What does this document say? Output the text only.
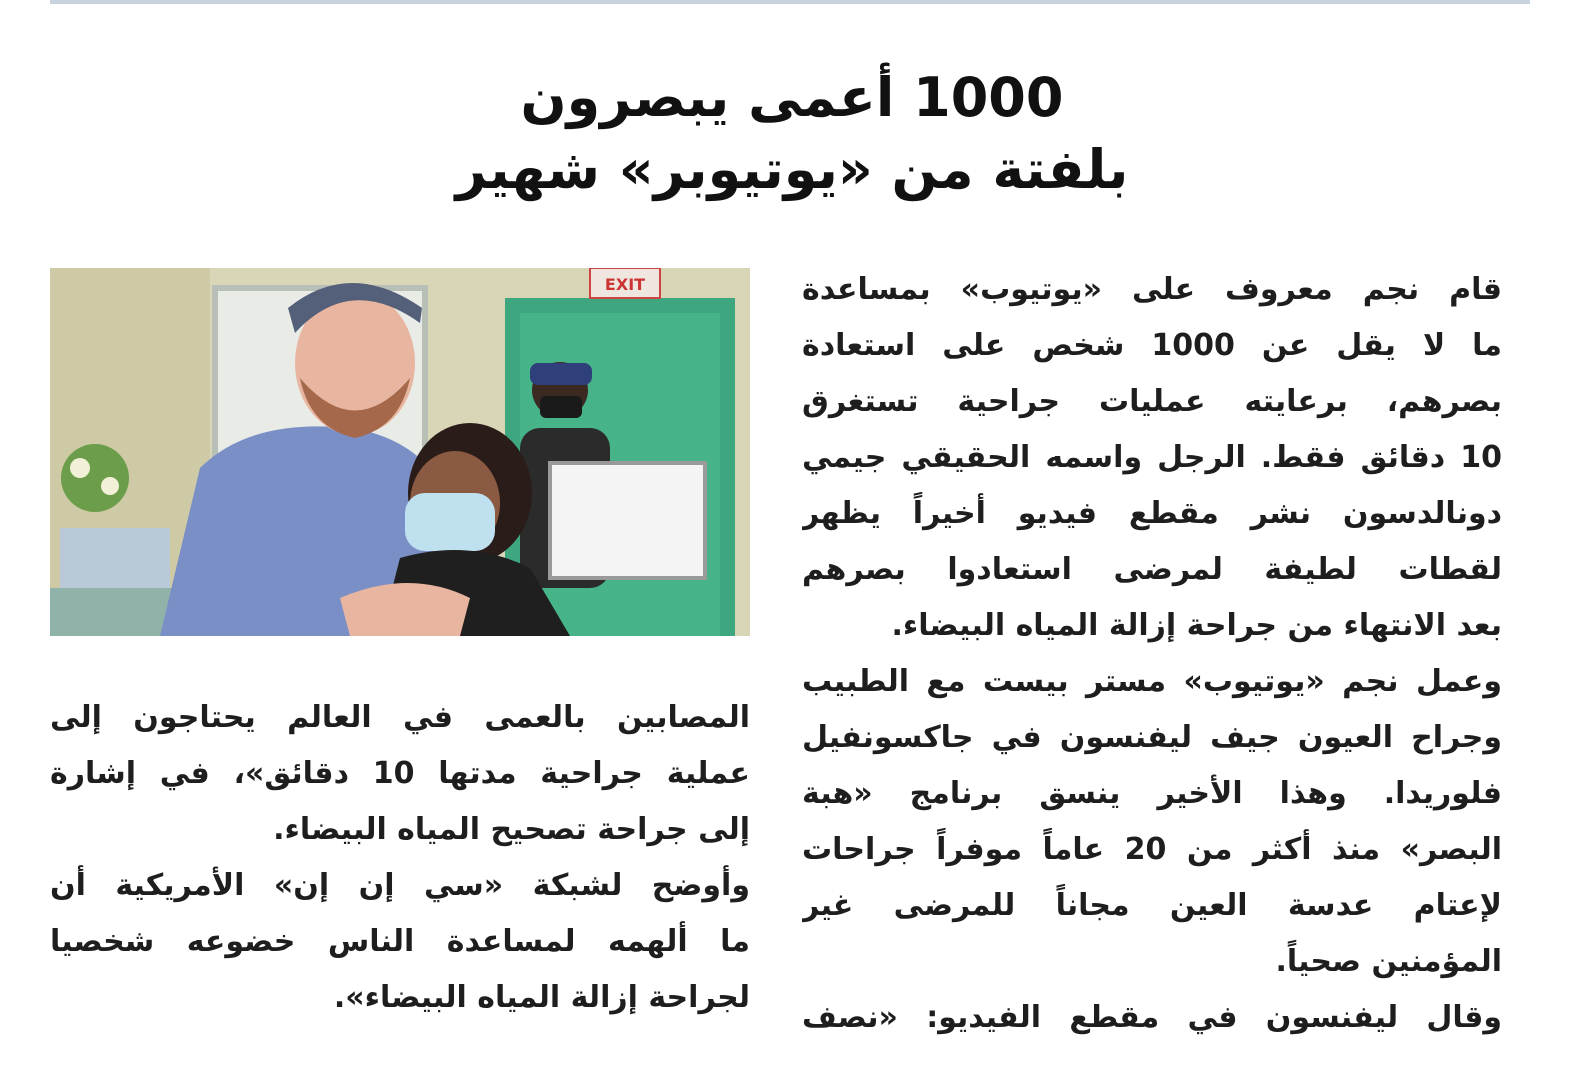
1000 أعمى يبصرون
بلفتة من «يوتيوبر» شهير

قام نجم معروف على «يوتيوب» بمساعدة

ما لا يقل عن 1000 شخص على استعادة

بصرهم، برعايته عمليات جراحية تستغرق

10 دقائق فقط. الرجل واسمه الحقيقي جيمي

دونالدسون نشر مقطع فيديو أخيراً يظهر

لقطات لطيفة لمرضى استعادوا بصرهم

بعد الانتهاء من جراحة إزالة المياه البيضاء.

وعمل نجم «يوتيوب» مستر بيست مع الطبيب

وجراح العيون جيف ليفنسون في جاكسونفيل

فلوريدا. وهذا الأخير ينسق برنامج «هبة

البصر» منذ أكثر من 20 عاماً موفراً جراحات

لإعتام عدسة العين مجاناً للمرضى غير

المؤمنين صحياً.

وقال ليفنسون في مقطع الفيديو: «نصف

EXIT

المصابين بالعمى في العالم يحتاجون إلى

عملية جراحية مدتها 10 دقائق»، في إشارة

إلى جراحة تصحيح المياه البيضاء.

وأوضح لشبكة «سي إن إن» الأمريكية أن

ما ألهمه لمساعدة الناس خضوعه شخصيا

لجراحة إزالة المياه البيضاء».
